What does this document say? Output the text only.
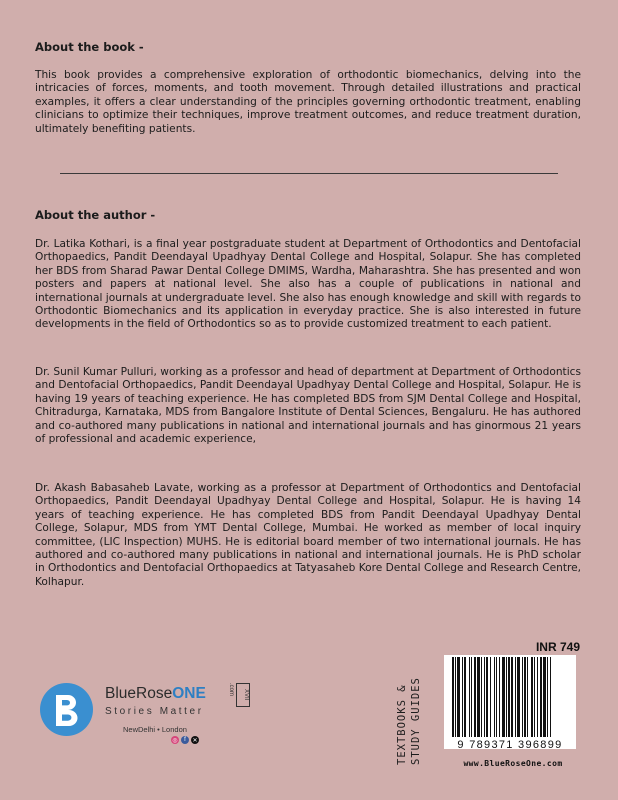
About the book -

This book provides a comprehensive exploration of orthodontic biomechanics, delving into the intricacies of forces, moments, and tooth movement. Through detailed illustrations and practical examples, it offers a clear understanding of the principles governing orthodontic treatment, enabling clinicians to optimize their techniques, improve treatment outcomes, and reduce treatment duration, ultimately benefiting patients.

About the author -

Dr. Latika Kothari, is a final year postgraduate student at Department of Orthodontics and Dentofacial Orthopaedics, Pandit Deendayal Upadhyay Dental College and Hospital, Solapur. She has completed her BDS from Sharad Pawar Dental College DMIMS, Wardha, Maharashtra. She has presented and won posters and papers at national level. She also has a couple of publications in national and international journals at undergraduate level. She also has enough knowledge and skill with regards to Orthodontic Biomechanics and its application in everyday practice. She is also interested in future developments in the field of Orthodontics so as to provide customized treatment to each patient.

Dr. Sunil Kumar Pulluri, working as a professor and head of department at Department of Orthodontics and Dentofacial Orthopaedics, Pandit Deendayal Upadhyay Dental College and Hospital, Solapur. He is having 19 years of teaching experience. He has completed BDS from SJM Dental College and Hospital, Chitradurga, Karnataka, MDS from Bangalore Institute of Dental Sciences, Bengaluru. He has authored and co-authored many publications in national and international journals and has ginormous 21 years of professional and academic experience,

Dr. Akash Babasaheb Lavate, working as a professor at Department of Orthodontics and Dentofacial Orthopaedics, Pandit Deendayal Upadhyay Dental College and Hospital, Solapur. He is having 14 years of teaching experience. He has completed BDS from Pandit Deendayal Upadhyay Dental College, Solapur, MDS from YMT Dental College, Mumbai. He worked as member of local inquiry committee, (LIC Inspection) MUHS. He is editorial board member of two international journals. He has authored and co-authored many publications in national and international journals. He is PhD scholar in Orthodontics and Dentofacial Orthopaedics at Tatyasaheb Kore Dental College and Research Centre, Kolhapur.

BlueRoseONE	.com	XVII
Stories Matter
NewDelhi • London
◎	f	✕
INR 749
TEXTBOOKS & STUDY GUIDES	9 789371 396899
www.BlueRoseOne.com
